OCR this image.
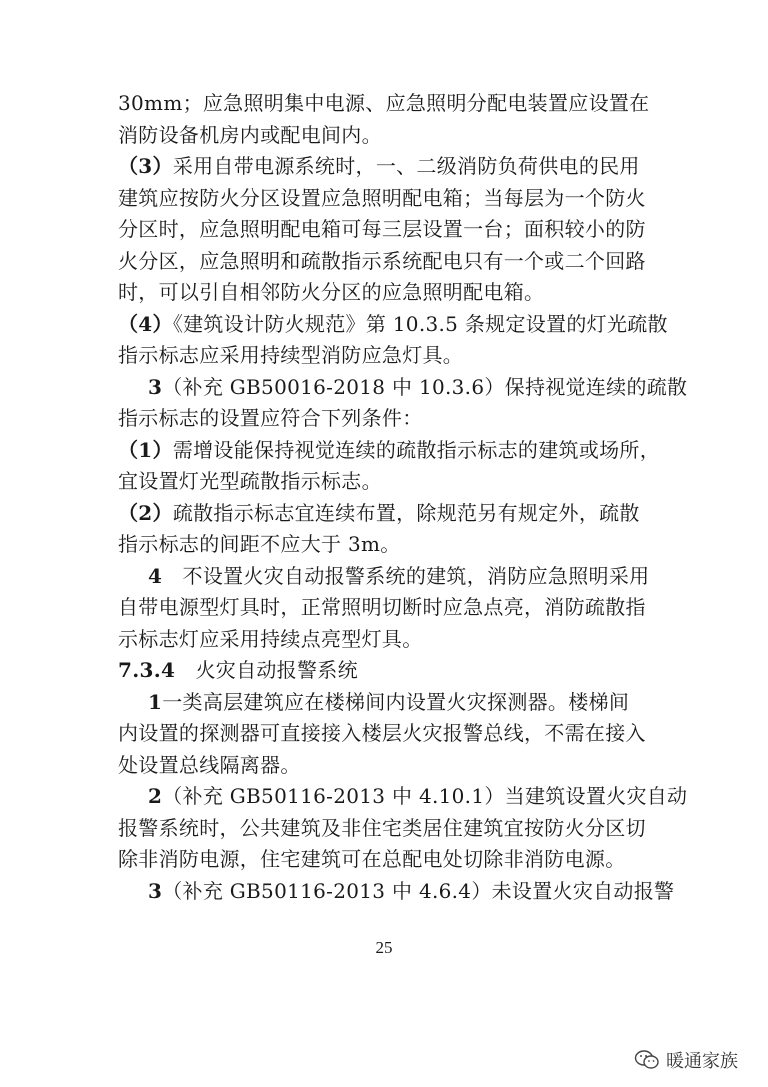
30mm；应急照明集中电源、应急照明分配电装置应设置在
消防设备机房内或配电间内。
（3）采用自带电源系统时，一、二级消防负荷供电的民用
建筑应按防火分区设置应急照明配电箱；当每层为一个防火
分区时，应急照明配电箱可每三层设置一台；面积较小的防
火分区，应急照明和疏散指示系统配电只有一个或二个回路
时，可以引自相邻防火分区的应急照明配电箱。
（4）《建筑设计防火规范》第 10.3.5 条规定设置的灯光疏散
指示标志应采用持续型消防应急灯具。
3（补充 GB50016-2018 中 10.3.6）保持视觉连续的疏散
指示标志的设置应符合下列条件：
（1）需增设能保持视觉连续的疏散指示标志的建筑或场所，
宜设置灯光型疏散指示标志。
（2）疏散指示标志宜连续布置，除规范另有规定外，疏散
指示标志的间距不应大于 3m。
4　不设置火灾自动报警系统的建筑，消防应急照明采用
自带电源型灯具时，正常照明切断时应急点亮，消防疏散指
示标志灯应采用持续点亮型灯具。
7.3.4　火灾自动报警系统
1一类高层建筑应在楼梯间内设置火灾探测器。楼梯间
内设置的探测器可直接接入楼层火灾报警总线，不需在接入
处设置总线隔离器。
2（补充 GB50116-2013 中 4.10.1）当建筑设置火灾自动
报警系统时，公共建筑及非住宅类居住建筑宜按防火分区切
除非消防电源，住宅建筑可在总配电处切除非消防电源。
3（补充 GB50116-2013 中 4.6.4）未设置火灾自动报警
25
暖通家族
